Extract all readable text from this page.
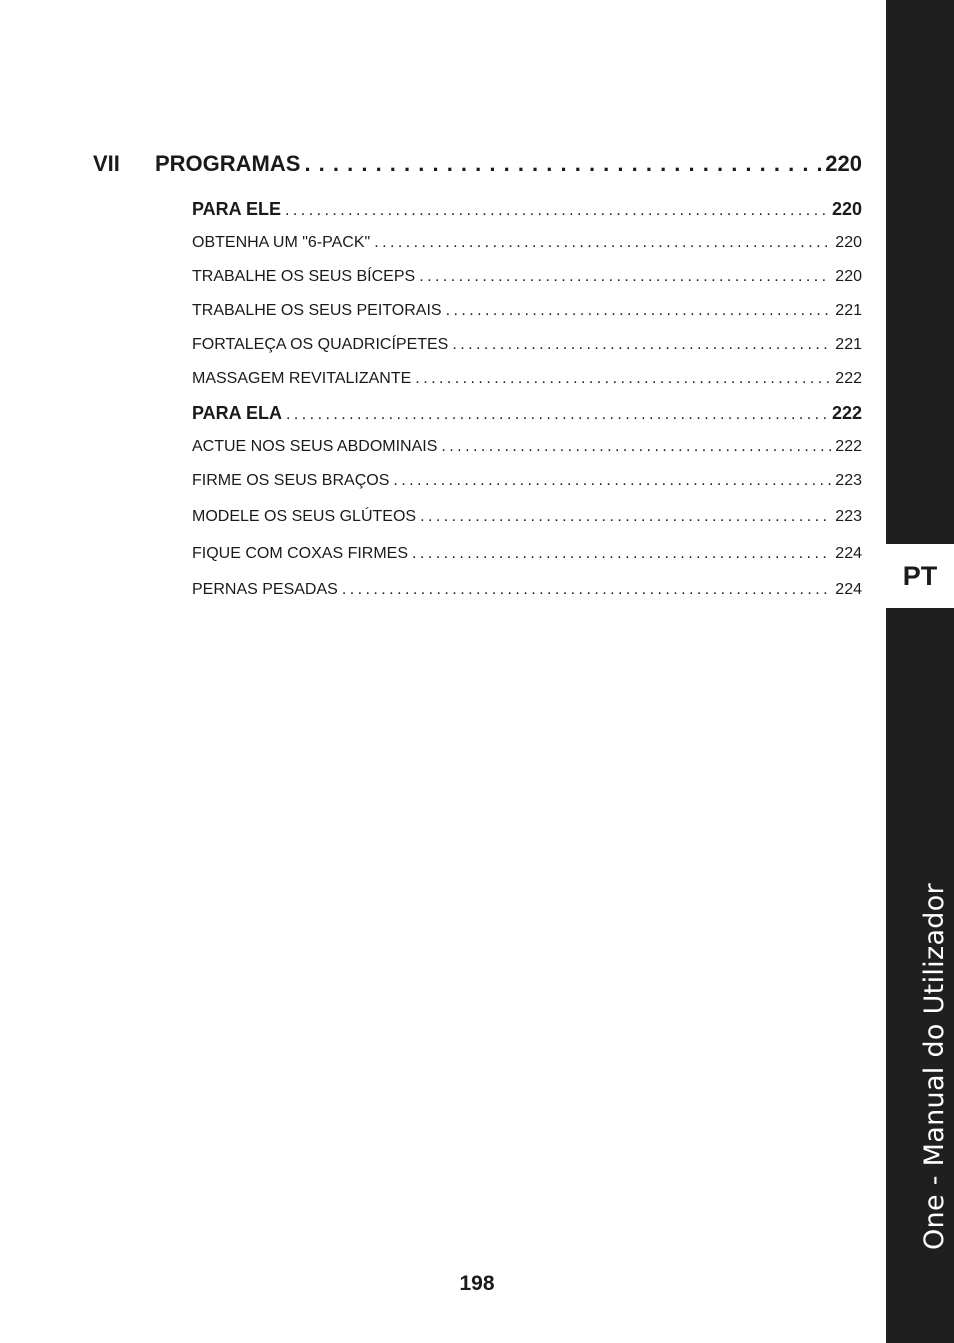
PT
One - Manual do Utilizador
VII	PROGRAMAS . . .	220
PARA ELE . . .	220
OBTENHA UM "6-PACK" . . .	220
TRABALHE OS SEUS BÍCEPS . . .	220
TRABALHE OS SEUS PEITORAIS . . .	221
FORTALEÇA OS QUADRICÍPETES . . .	221
MASSAGEM REVITALIZANTE . . .	222
PARA ELA . . .	222
ACTUE NOS SEUS ABDOMINAIS . . .	222
FIRME OS SEUS BRAÇOS . . .	223
MODELE OS SEUS GLÚTEOS . . .	223
FIQUE COM COXAS FIRMES . . .	224
PERNAS PESADAS . . .	224
198
